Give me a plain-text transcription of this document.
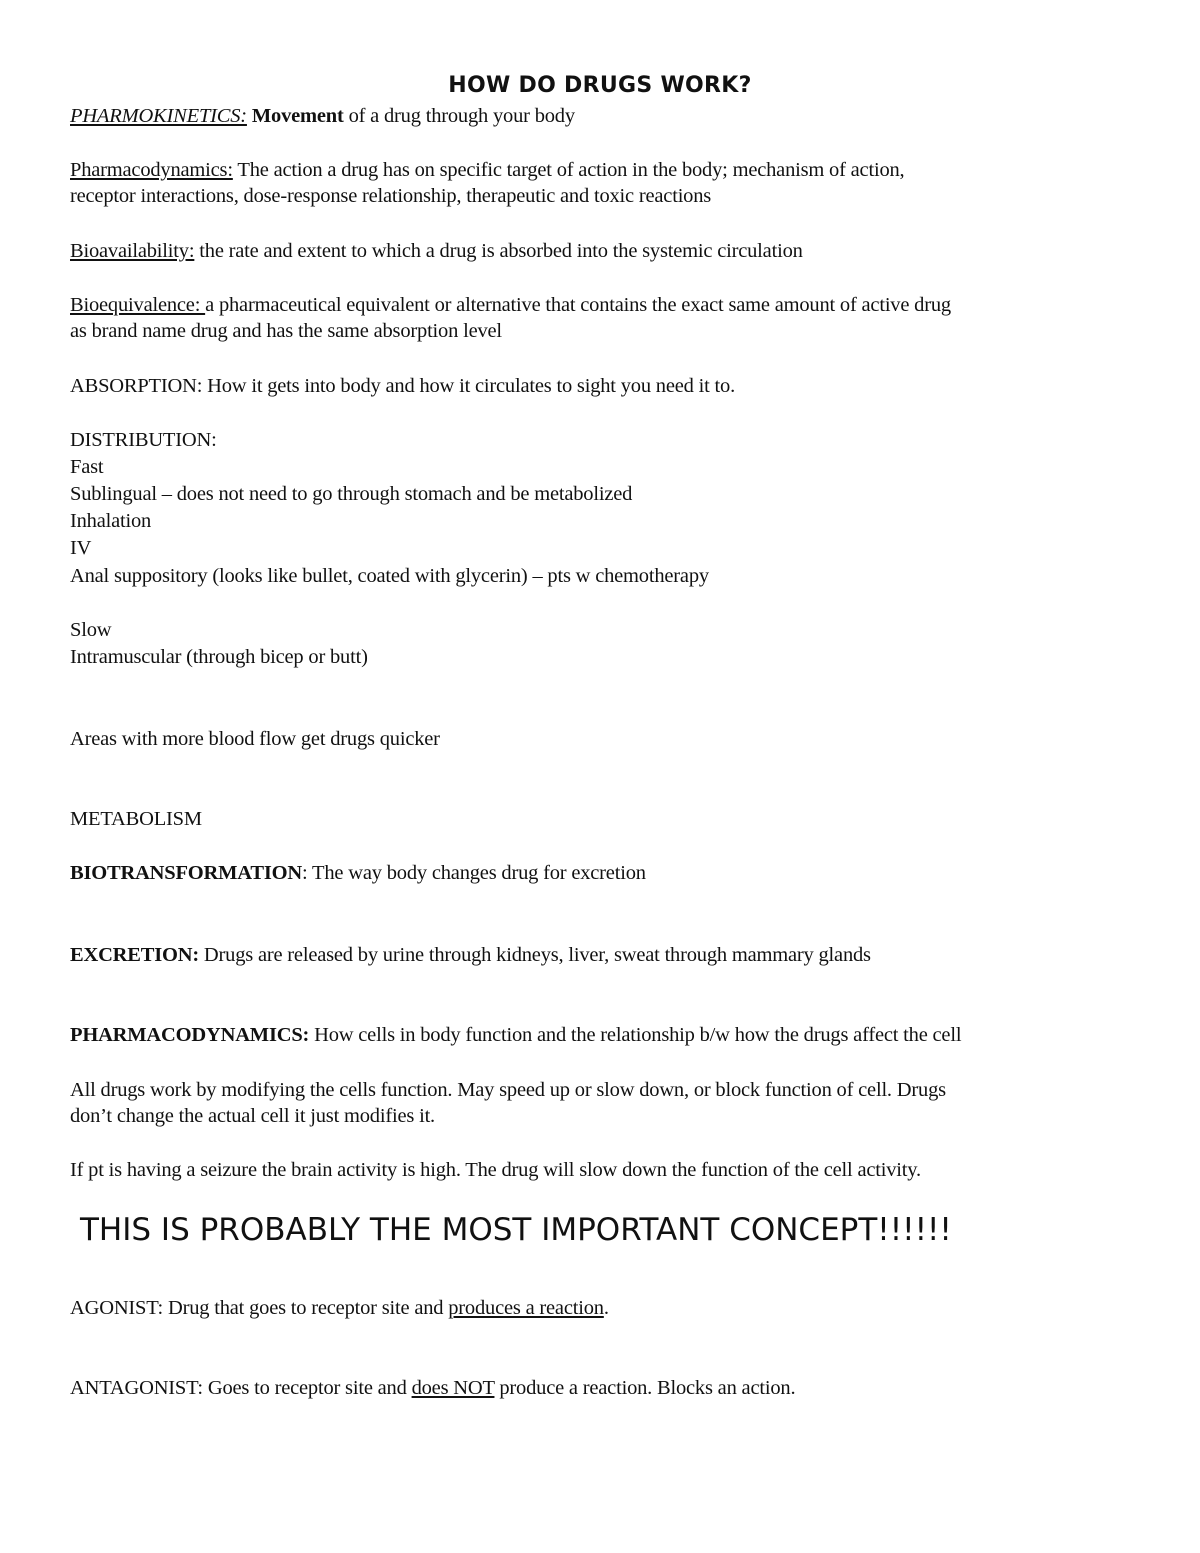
HOW DO DRUGS WORK?
PHARMOKINETICS: Movement of a drug through your body
Pharmacodynamics: The action a drug has on specific target of action in the body; mechanism of action,
receptor interactions, dose-response relationship, therapeutic and toxic reactions
Bioavailability: the rate and extent to which a drug is absorbed into the systemic circulation
Bioequivalence: a pharmaceutical equivalent or alternative that contains the exact same amount of active drug
as brand name drug and has the same absorption level
ABSORPTION: How it gets into body and how it circulates to sight you need it to.
DISTRIBUTION:
Fast
Sublingual – does not need to go through stomach and be metabolized
Inhalation
IV
Anal suppository (looks like bullet, coated with glycerin) – pts w chemotherapy
Slow
Intramuscular (through bicep or butt)
Areas with more blood flow get drugs quicker
METABOLISM
BIOTRANSFORMATION: The way body changes drug for excretion
EXCRETION: Drugs are released by urine through kidneys, liver, sweat through mammary glands
PHARMACODYNAMICS: How cells in body function and the relationship b/w how the drugs affect the cell
All drugs work by modifying the cells function. May speed up or slow down, or block function of cell. Drugs
don’t change the actual cell it just modifies it.
If pt is having a seizure the brain activity is high. The drug will slow down the function of the cell activity.
THIS IS PROBABLY THE MOST IMPORTANT CONCEPT!!!!!!
AGONIST: Drug that goes to receptor site and produces a reaction.
ANTAGONIST: Goes to receptor site and does NOT produce a reaction. Blocks an action.
